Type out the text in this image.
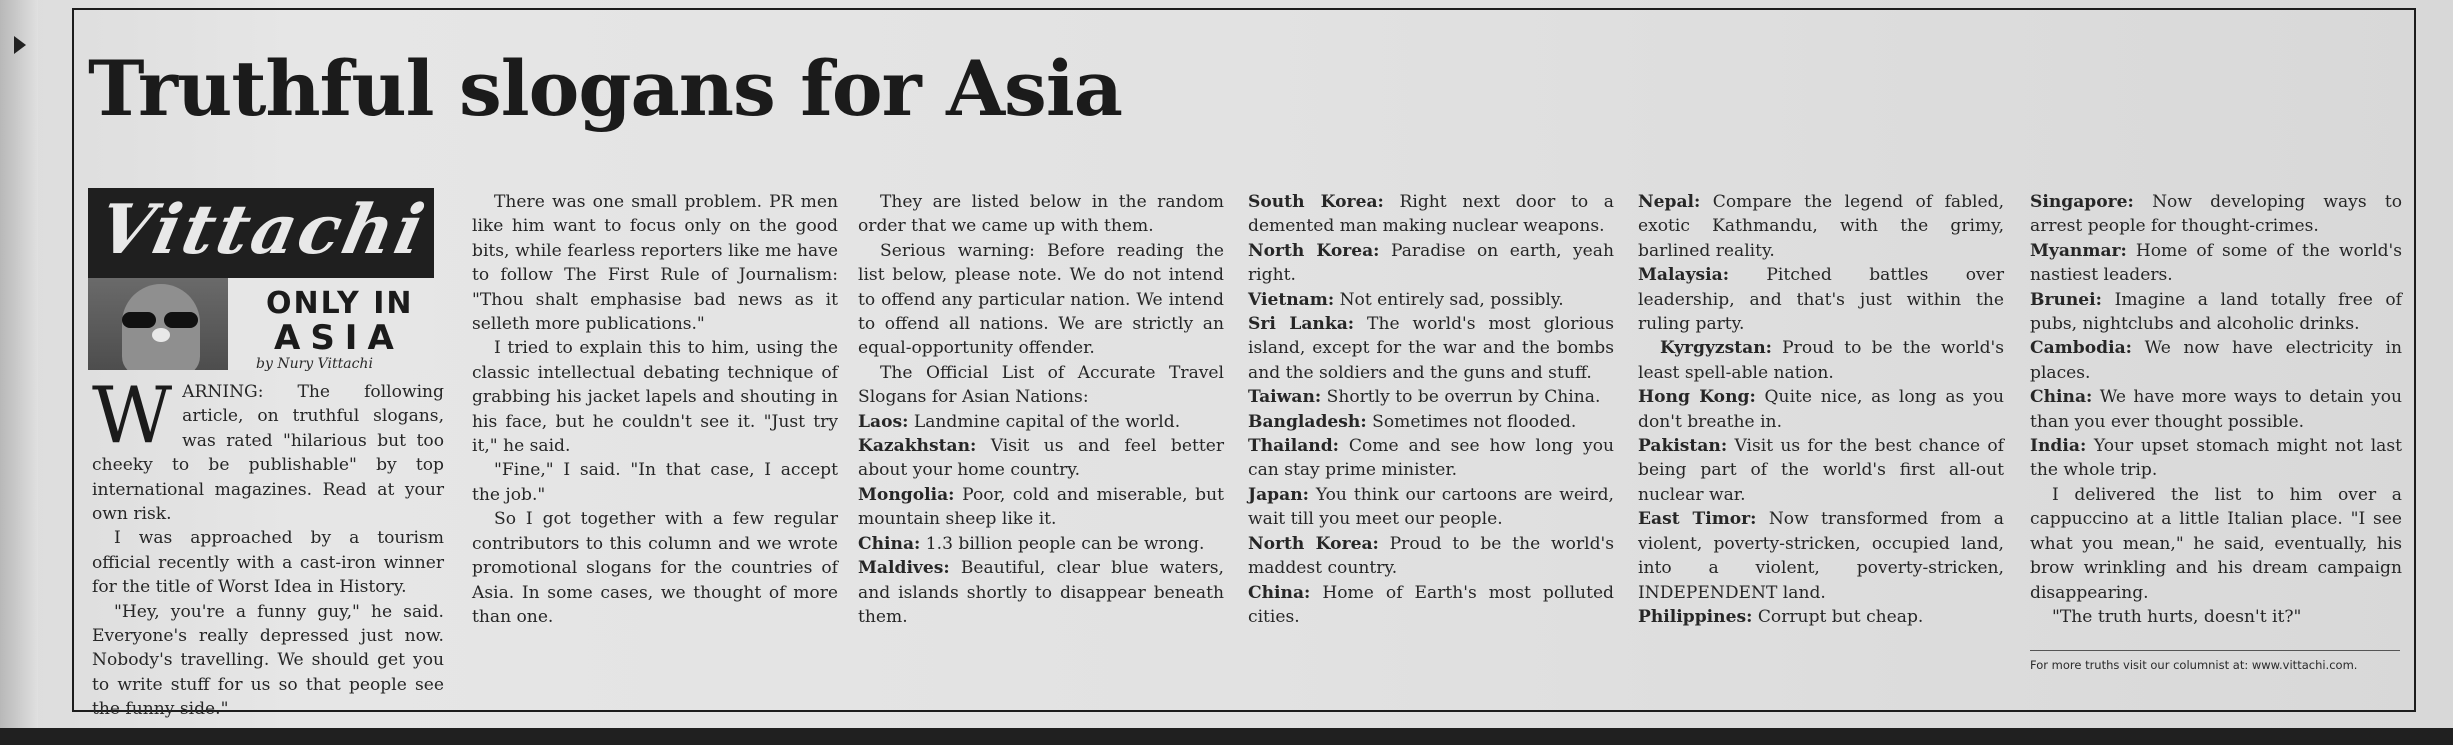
Truthful slogans for Asia
Vittachi
ONLY IN
ASIA
by Nury Vittachi

WARNING: The following article, on truthful slogans, was rated "hilarious but too cheeky to be publishable" by top international magazines. Read at your own risk.

I was approached by a tourism official recently with a cast-iron winner for the title of Worst Idea in History.

"Hey, you're a funny guy," he said. Everyone's really depressed just now. Nobody's travelling. We should get you to write stuff for us so that people see the funny side."

There was one small problem. PR men like him want to focus only on the good bits, while fearless reporters like me have to follow The First Rule of Journalism: "Thou shalt emphasise bad news as it selleth more publications."

I tried to explain this to him, using the classic intellectual debating technique of grabbing his jacket lapels and shouting in his face, but he couldn't see it. "Just try it," he said.

"Fine," I said. "In that case, I accept the job."

So I got together with a few regular contributors to this column and we wrote promotional slogans for the countries of Asia. In some cases, we thought of more than one.

They are listed below in the random order that we came up with them.

Serious warning: Before reading the list below, please note. We do not intend to offend any particular nation. We intend to offend all nations. We are strictly an equal-opportunity offender.

The Official List of Accurate Travel Slogans for Asian Nations:

Laos: Landmine capital of the world.

Kazakhstan: Visit us and feel better about your home country.

Mongolia: Poor, cold and miserable, but mountain sheep like it.

China: 1.3 billion people can be wrong.

Maldives: Beautiful, clear blue waters, and islands shortly to disappear beneath them.

South Korea: Right next door to a demented man making nuclear weapons.

North Korea: Paradise on earth, yeah right.

Vietnam: Not entirely sad, possibly.

Sri Lanka: The world's most glorious island, except for the war and the bombs and the soldiers and the guns and stuff.

Taiwan: Shortly to be overrun by China.

Bangladesh: Sometimes not flooded.

Thailand: Come and see how long you can stay prime minister.

Japan: You think our cartoons are weird, wait till you meet our people.

North Korea: Proud to be the world's maddest country.

China: Home of Earth's most polluted cities.

Nepal: Compare the legend of fabled, exotic Kathmandu, with the grimy, barlined reality.

Malaysia: Pitched battles over leadership, and that's just within the ruling party.

Kyrgyzstan: Proud to be the world's least spell-able nation.

Hong Kong: Quite nice, as long as you don't breathe in.

Pakistan: Visit us for the best chance of being part of the world's first all-out nuclear war.

East Timor: Now transformed from a violent, poverty-stricken, occupied land, into a violent, poverty-stricken, INDEPENDENT land.

Philippines: Corrupt but cheap.

Singapore: Now developing ways to arrest people for thought-crimes.

Myanmar: Home of some of the world's nastiest leaders.

Brunei: Imagine a land totally free of pubs, nightclubs and alcoholic drinks.

Cambodia: We now have electricity in places.

China: We have more ways to detain you than you ever thought possible.

India: Your upset stomach might not last the whole trip.

I delivered the list to him over a cappuccino at a little Italian place. "I see what you mean," he said, eventually, his brow wrinkling and his dream campaign disappearing.

"The truth hurts, doesn't it?"

For more truths visit our columnist at: www.vittachi.com.
